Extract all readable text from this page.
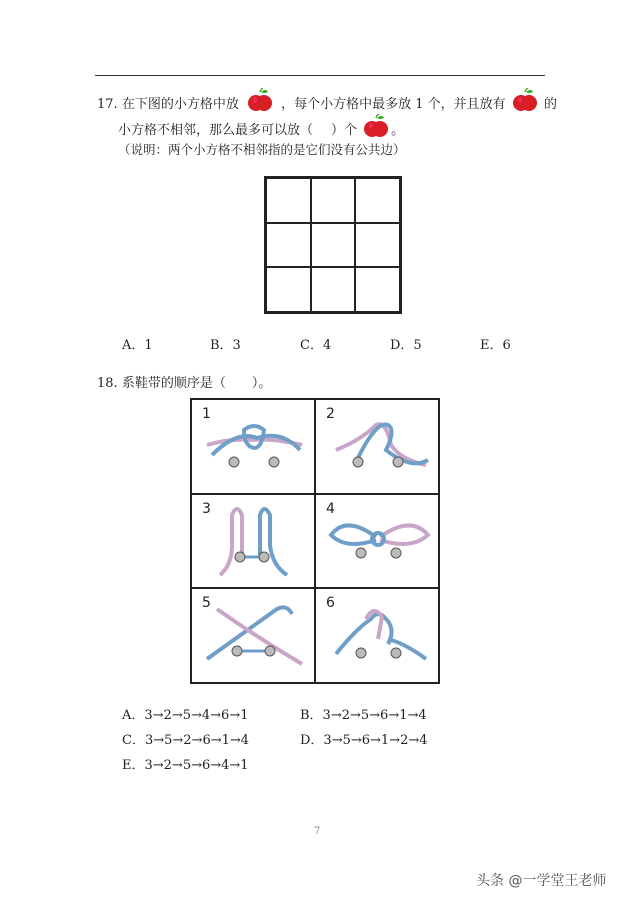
17. 在下图的小方格中放	，每个小方格中最多放 1 个，并且放有	的
小方格不相邻，那么最多可以放（ ）个	。
（说明：两个小方格不相邻指的是它们没有公共边）
A．1	B．3	C．4	D．5	E．6
18. 系鞋带的顺序是（　　）。
1	2
3	4
5	6
A．3→2→5→4→6→1	B．3→2→5→6→1→4
C．3→5→2→6→1→4	D．3→5→6→1→2→4
E．3→2→5→6→4→1
7
头条 @一学堂王老师
